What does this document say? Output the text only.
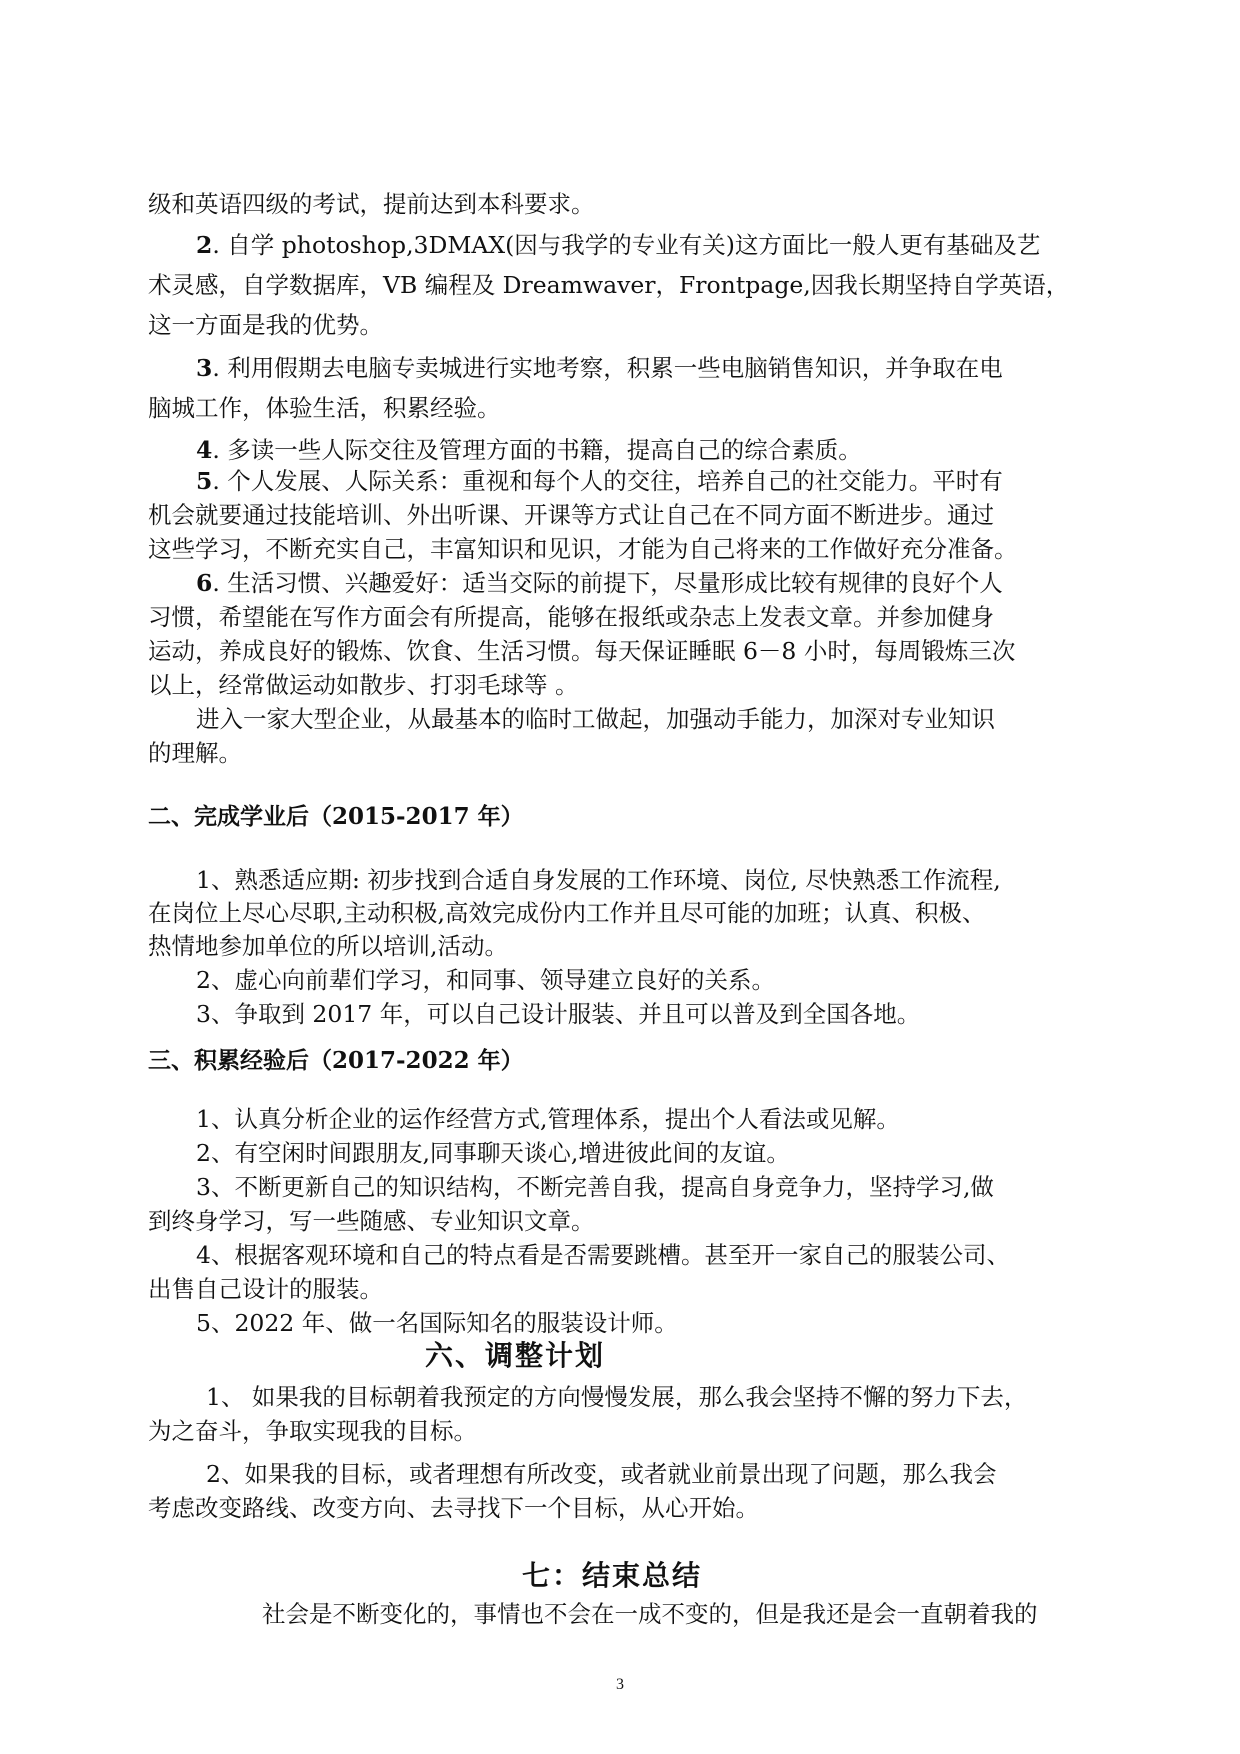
级和英语四级的考试，提前达到本科要求。
2. 自学 photoshop,3DMAX(因与我学的专业有关)这方面比一般人更有基础及艺
术灵感，自学数据库，VB 编程及 Dreamwaver，Frontpage,因我长期坚持自学英语，
这一方面是我的优势。
3. 利用假期去电脑专卖城进行实地考察，积累一些电脑销售知识，并争取在电
脑城工作，体验生活，积累经验。
4. 多读一些人际交往及管理方面的书籍，提高自己的综合素质。
5. 个人发展、人际关系：重视和每个人的交往，培养自己的社交能力。平时有
机会就要通过技能培训、外出听课、开课等方式让自己在不同方面不断进步。通过
这些学习，不断充实自己，丰富知识和见识，才能为自己将来的工作做好充分准备。
6. 生活习惯、兴趣爱好：适当交际的前提下，尽量形成比较有规律的良好个人
习惯，希望能在写作方面会有所提高，能够在报纸或杂志上发表文章。并参加健身
运动，养成良好的锻炼、饮食、生活习惯。每天保证睡眠 6－8 小时，每周锻炼三次
以上，经常做运动如散步、打羽毛球等 。
进入一家大型企业，从最基本的临时工做起，加强动手能力，加深对专业知识
的理解。
二、完成学业后（2015-2017 年）
1、熟悉适应期: 初步找到合适自身发展的工作环境、岗位, 尽快熟悉工作流程,
在岗位上尽心尽职,主动积极,高效完成份内工作并且尽可能的加班；认真、积极、
热情地参加单位的所以培训,活动。
2、虚心向前辈们学习，和同事、领导建立良好的关系。
3、争取到 2017 年，可以自己设计服装、并且可以普及到全国各地。
三、积累经验后（2017-2022 年）
1、认真分析企业的运作经营方式,管理体系，提出个人看法或见解。
2、有空闲时间跟朋友,同事聊天谈心,增进彼此间的友谊。
3、不断更新自己的知识结构，不断完善自我，提高自身竞争力，坚持学习,做
到终身学习，写一些随感、专业知识文章。
4、根据客观环境和自己的特点看是否需要跳槽。甚至开一家自己的服装公司、
出售自己设计的服装。
5、2022 年、做一名国际知名的服装设计师。
六、调整计划
1、 如果我的目标朝着我预定的方向慢慢发展，那么我会坚持不懈的努力下去，
为之奋斗，争取实现我的目标。
2、如果我的目标，或者理想有所改变，或者就业前景出现了问题，那么我会
考虑改变路线、改变方向、去寻找下一个目标，从心开始。
七：结束总结
社会是不断变化的，事情也不会在一成不变的，但是我还是会一直朝着我的
3
